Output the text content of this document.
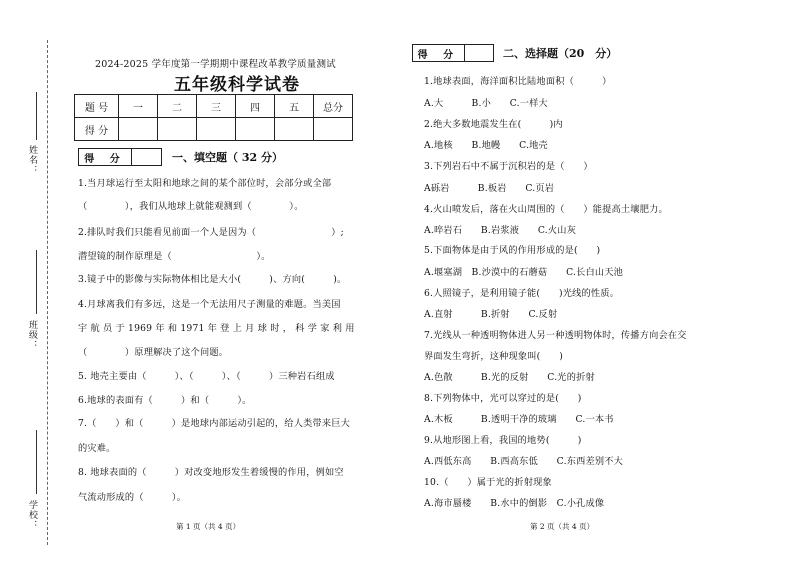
姓名：
班级：
学校：
2024-2025 学年度第一学期期中课程改革教学质量测试
五年级科学试卷
题 号	一	二	三	四	五	总分
得 分						
得 分	一、填空题（ 32 分）
1.当月球运行至太阳和地球之间的某个部位时，会部分或全部
（　　　　），我们从地球上就能观测到（　　　　）。
2.排队时我们只能看见前面一个人是因为（　　　　　　　　）;
潜望镜的制作原理是（　　　　　　　　　）。
3.镜子中的影像与实际物体相比是大小(　　　)、方向(　　　)。
4.月球离我们有多远，这是一个无法用尺子测量的难题。当美国
宇 航 员 于 1969 年 和 1971 年 登 上 月 球 时 ， 科 学 家 利 用
（　　　　）原理解决了这个问题。
5. 地壳主要由（　　　）、（　　　）、（　　　）三种岩石组成
6.地球的表面有（　　　）和（　　　）。
7.（　　）和（　　　）是地球内部运动引起的，给人类带来巨大
的灾难。
8. 地球表面的（　　　）对改变地形发生着缓慢的作用，例如空
气流动形成的（　　　）。
得 分	二、选择题（20　分）
1.地球表面，海洋面积比陆地面积（　　　）
A.大　　　B.小　　C.一样大
2.绝大多数地震发生在(　　　)内
A.地核　　B.地幔　　C.地壳
3.下列岩石中不属于沉积岩的是（　　）
A砾岩　　　B.板岩　　C.页岩
4.火山喷发后，落在火山周围的（　　）能提高土壤肥力。
A.啐岩石　　B.岩浆液　　C.火山灰
5.下面物体是由于风的作用形成的是(　　)
A.堰塞湖　B.沙漠中的石蘑菇　　C.长白山天池
6.人照镜子，是利用镜子能(　　)光线的性质。
A.直射　　　B.折射　　C.反射
7.光线从一种透明物体进人另一种透明物体时，传播方向会在交
界面发生弯折，这种现象叫(　　)
A.色散　　　B.光的反射　　C.光的折射
8.下列物体中，光可以穿过的是(　　)
A.木板　　　B.透明干净的玻璃　　C.一本书
9.从地形图上看，我国的地势(　　　)
A.西低东高　　B.西高东低　　C.东西差别不大
10.（　　）属于光的折射现象
A.海市蜃楼　　B.水中的倒影　C.小孔成像
第 1 页（共 4 页）	第 2 页（共 4 页）
